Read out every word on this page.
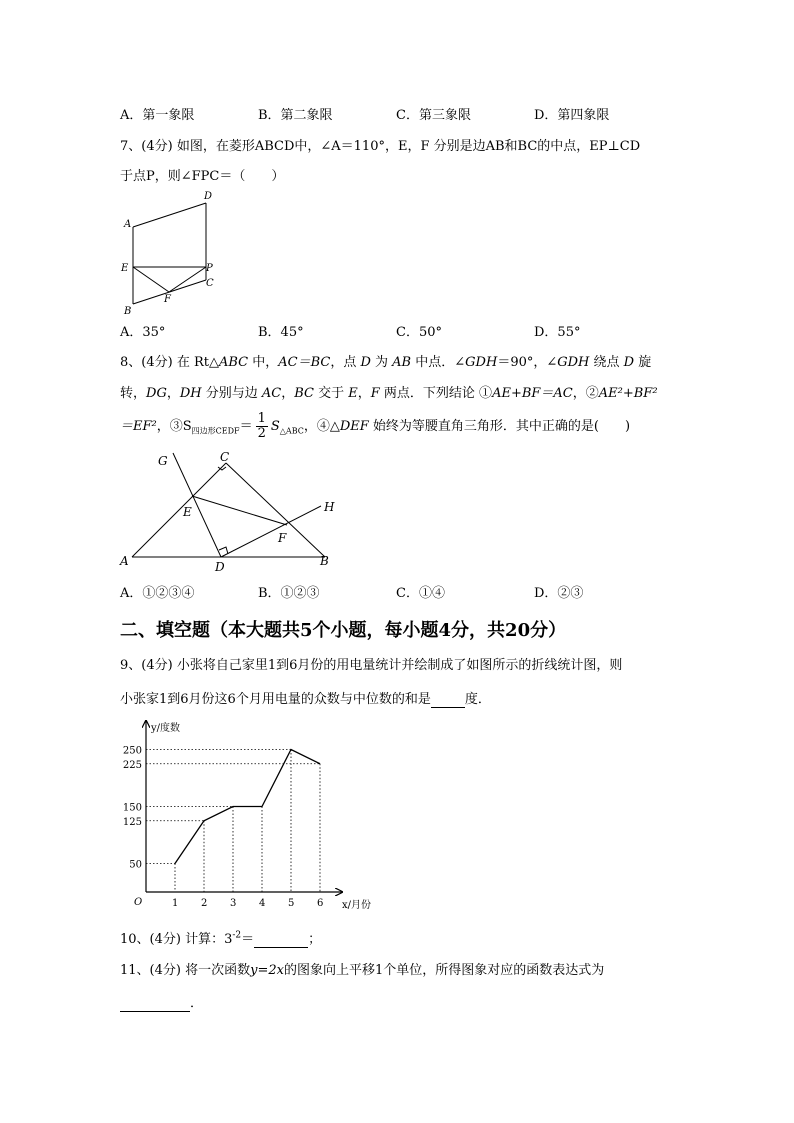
A．第一象限	B．第二象限	C．第三象限	D．第四象限
7、(4分) 如图，在菱形ABCD中，∠A＝110°，E，F 分别是边AB和BC的中点，EP⊥CD
于点P，则∠FPC＝（　　）
A
D
E	P
C
F
B
A．35°	B．45°	C．50°	D．55°
8、(4分) 在 Rt△ABC 中，AC＝BC，点 D 为 AB 中点．∠GDH＝90°，∠GDH 绕点 D 旋
转，DG，DH 分别与边 AC，BC 交于 E，F 两点．下列结论 ①AE+BF＝AC，②AE²+BF²
＝EF²，$③S_{四边形CEDF}= \frac{1}{2} S_{\triangle ABC}$，④△DEF 始终为等腰直角三角形．其中正确的是(　　)
G	C
H
E
F
A	D	B
A．①②③④	B．①②③	C．①④	D．②③
二、填空题（本大题共5个小题，每小题4分，共20分）
9、(4分) 小张将自己家里1到6月份的用电量统计并绘制成了如图所示的折线统计图，则
小张家1到6月份这6个月用电量的众数与中位数的和是	度．
1 2 3 4 5 6
50
125
150
225
250
O	x/月份
y/度数
10、(4分) 计算：$3^{-2}=$	；
11、(4分) 将一次函数y=2x的图象向上平移1个单位，所得图象对应的函数表达式为
．
